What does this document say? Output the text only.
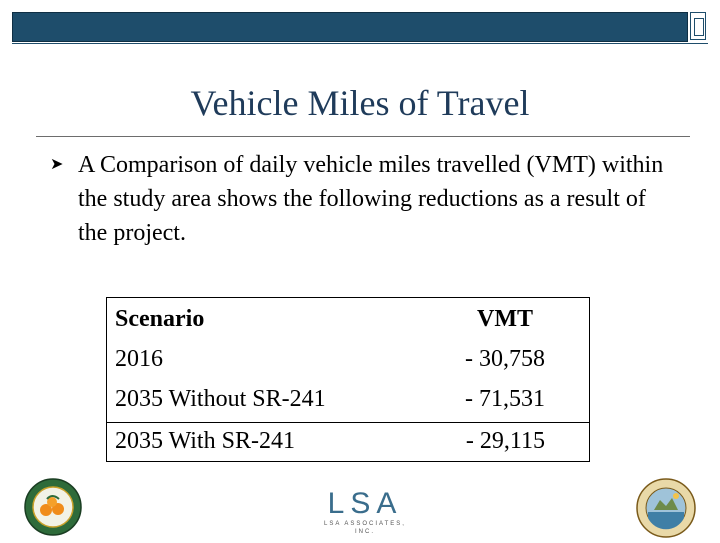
Vehicle Miles of Travel
➤ A Comparison of daily vehicle miles travelled (VMT) within the study area shows the following reductions as a result of the project.
Scenario	VMT
2016	- 30,758
2035 Without SR-241	- 71,531
2035 With SR-241	- 29,115
LSA
LSA ASSOCIATES, INC.
